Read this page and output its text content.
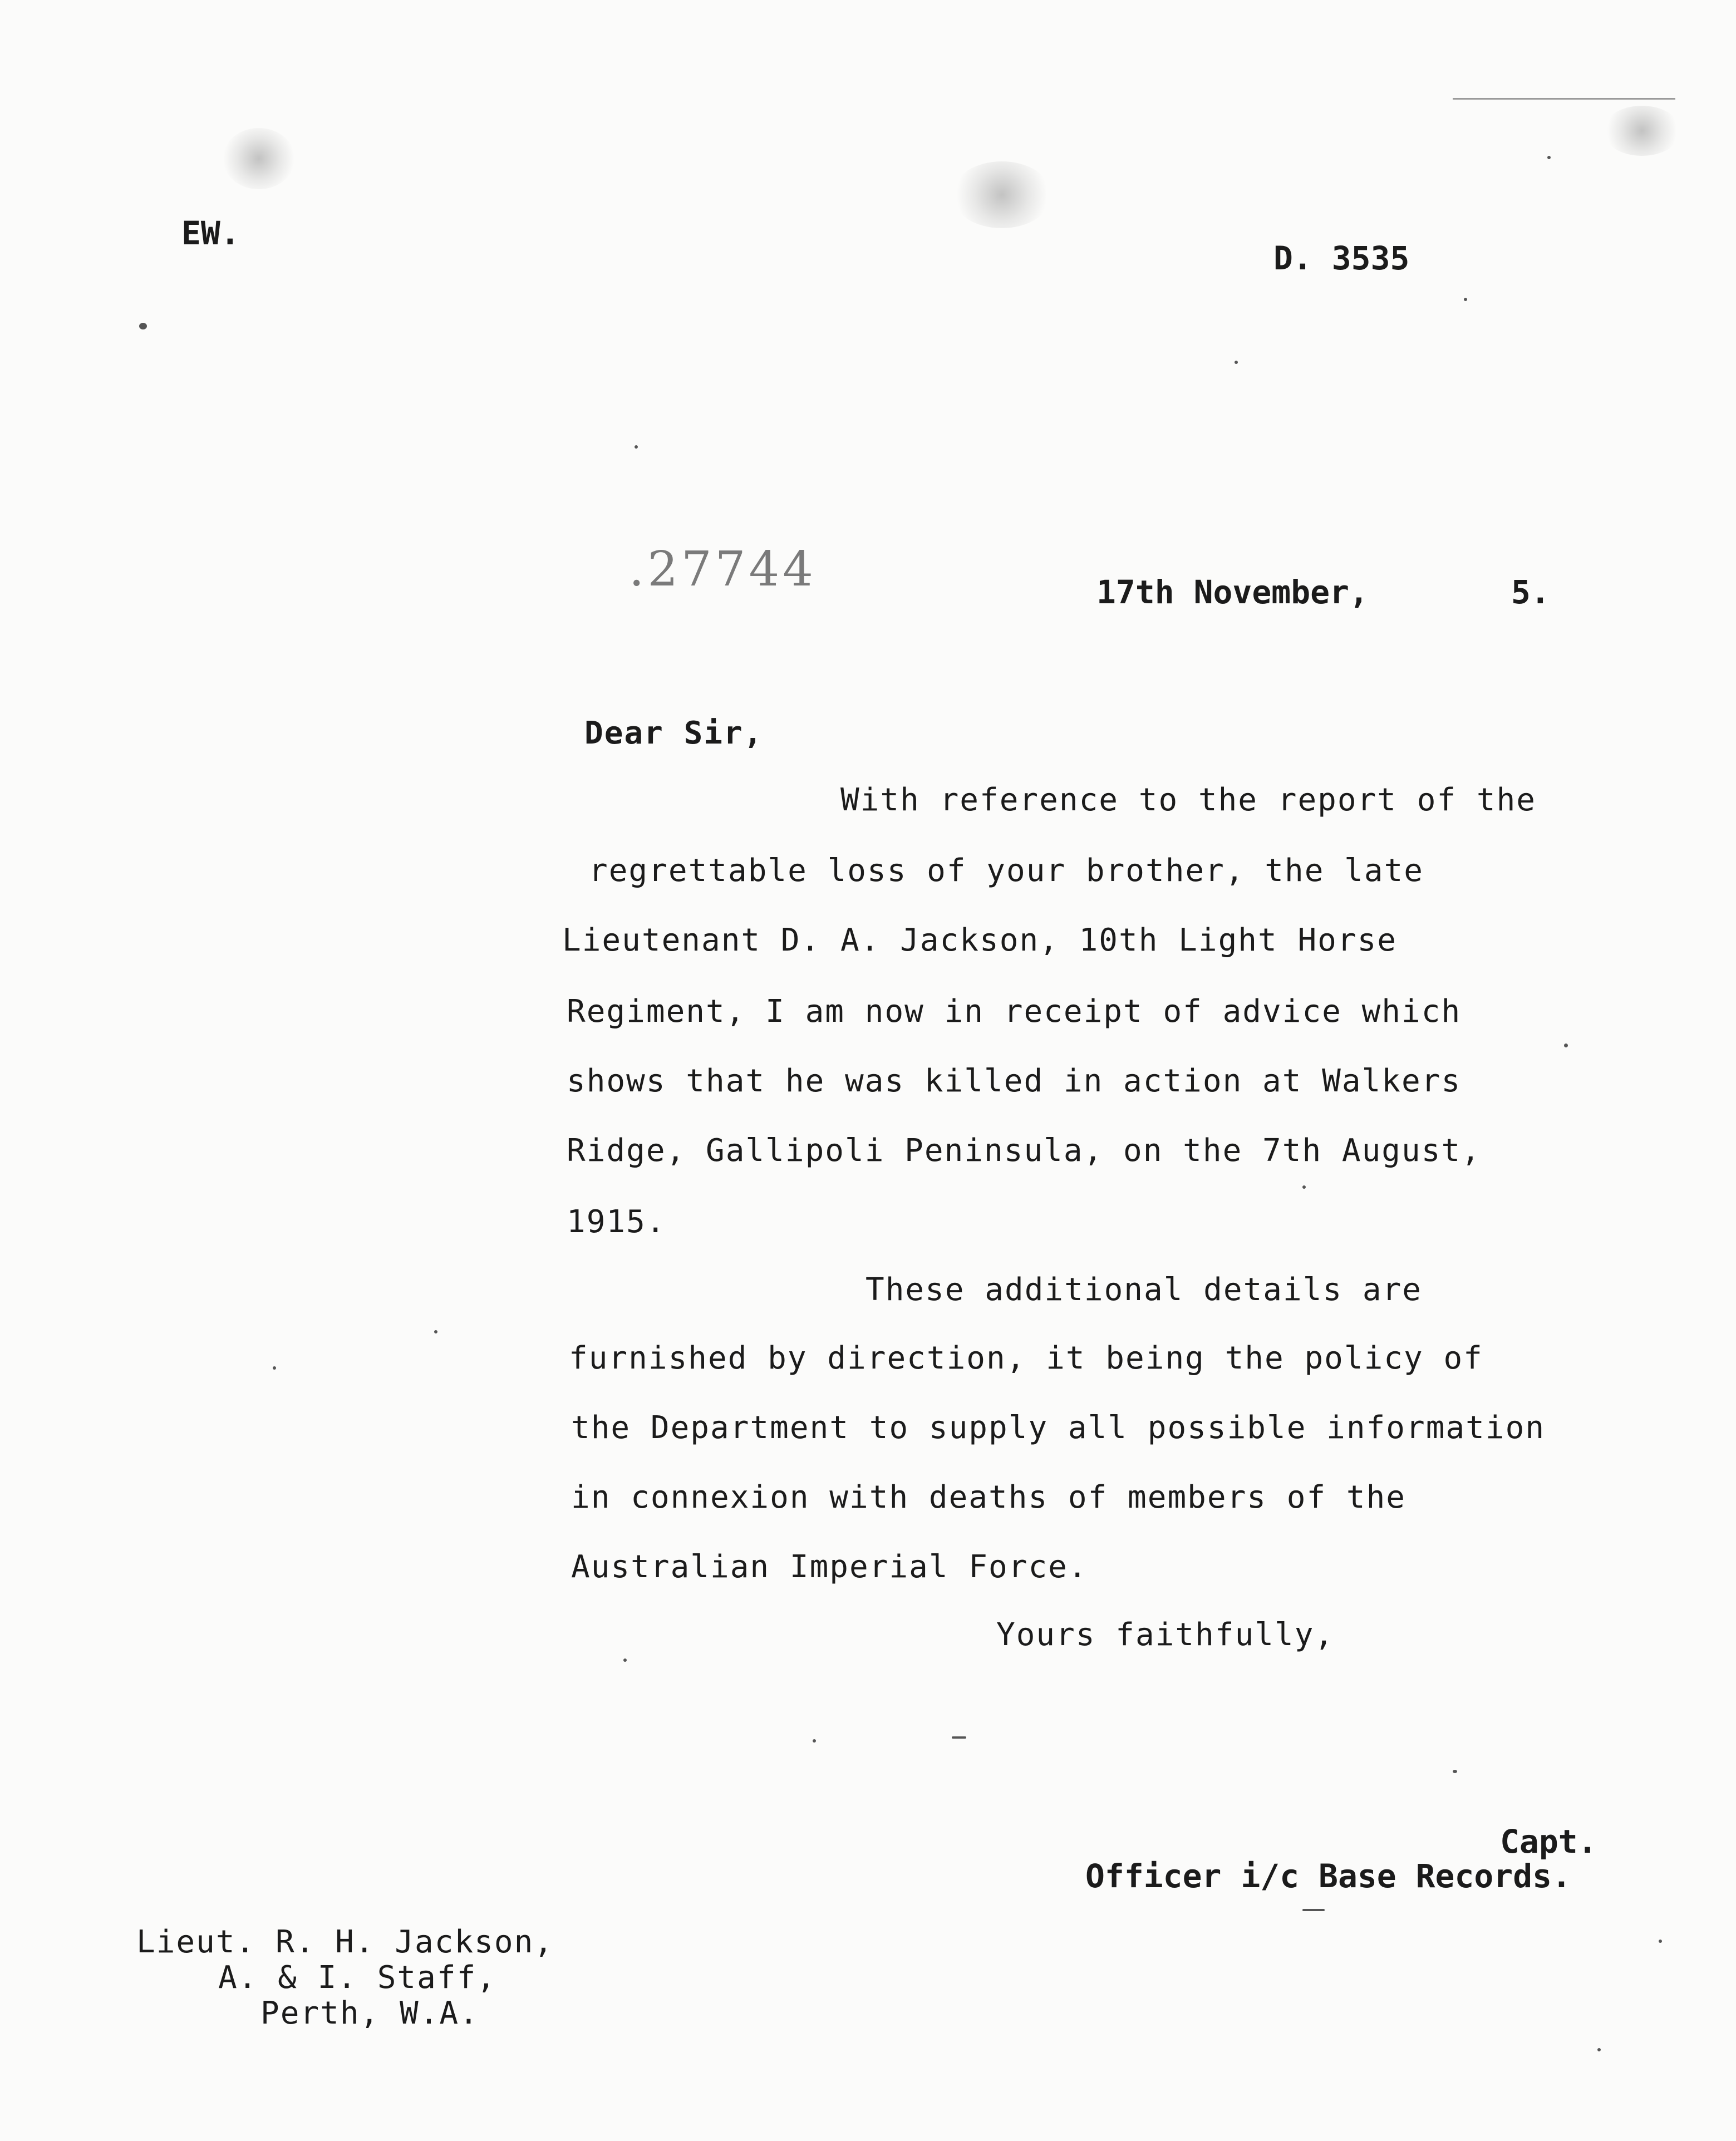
EW.
D. 3535
.27744	17th November,	5.
Dear Sir,
With reference to the report of the
regrettable loss of your brother, the late
Lieutenant D. A. Jackson, 10th Light Horse
Regiment, I am now in receipt of advice which
shows that he was killed in action at Walkers
Ridge, Gallipoli Peninsula, on the 7th August,
1915.
These additional details are
furnished by direction, it being the policy of
the Department to supply all possible information
in connexion with deaths of members of the
Australian Imperial Force.
Yours faithfully,
Capt.
Officer i/c Base Records.
Lieut. R. H. Jackson,
A. & I. Staff,
Perth, W.A.
